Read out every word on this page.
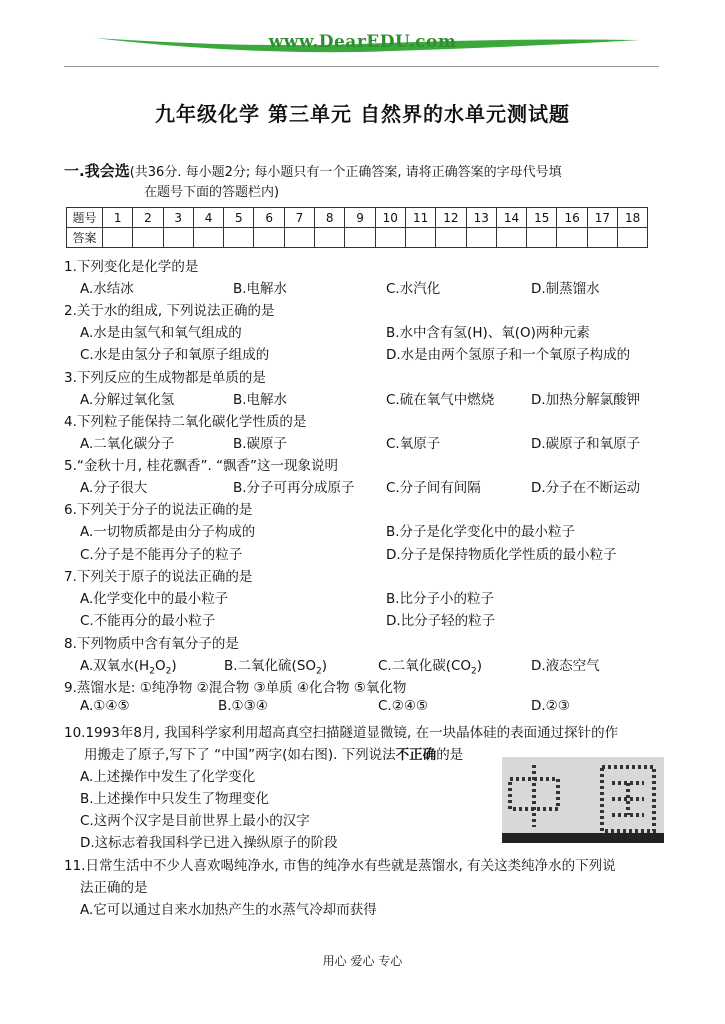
www.DearEDU.com
九年级化学 第三单元 自然界的水单元测试题
一.我会选(共36分. 每小题2分; 每小题只有一个正确答案, 请将正确答案的字母代号填
在题号下面的答题栏内)
题号	1	2	3	4	5	6	7	8	9	10	11	12	13	14	15	16	17	18
答案																		
1.下列变化是化学的是
A.水结冰	B.电解水	C.水汽化	D.制蒸馏水
2.关于水的组成, 下列说法正确的是
A.水是由氢气和氧气组成的	B.水中含有氢(H)、氧(O)两种元素
C.水是由氢分子和氧原子组成的	D.水是由两个氢原子和一个氧原子构成的
3.下列反应的生成物都是单质的是
A.分解过氧化氢	B.电解水	C.硫在氧气中燃烧	D.加热分解氯酸钾
4.下列粒子能保持二氧化碳化学性质的是
A.二氧化碳分子	B.碳原子	C.氧原子	D.碳原子和氧原子
5.“金秋十月, 桂花飘香”. “飘香”这一现象说明
A.分子很大	B.分子可再分成原子 C.分子间有间隔	D.分子在不断运动
6.下列关于分子的说法正确的是
A.一切物质都是由分子构成的	B.分子是化学变化中的最小粒子
C.分子是不能再分子的粒子	D.分子是保持物质化学性质的最小粒子
7.下列关于原子的说法正确的是
A.化学变化中的最小粒子	B.比分子小的粒子
C.不能再分的最小粒子	D.比分子轻的粒子
8.下列物质中含有氧分子的是
A.双氧水$(H_2O_2)$	B.二氧化硫$(SO_2)$	C.二氧化碳$(CO_2)$	D.液态空气
9.蒸馏水是: ①纯净物 ②混合物 ③单质 ④化合物 ⑤氧化物
A.①④⑤	B.①③④	C.②④⑤	D.②③
10.1993年8月, 我国科学家利用超高真空扫描隧道显微镜, 在一块晶体硅的表面通过探针的作
用搬走了原子,写下了 “中国”两字(如右图). 下列说法不正确的是
A.上述操作中发生了化学变化
B.上述操作中只发生了物理变化
C.这两个汉字是目前世界上最小的汉字
D.这标志着我国科学已进入操纵原子的阶段
11.日常生活中不少人喜欢喝纯净水, 市售的纯净水有些就是蒸馏水, 有关这类纯净水的下列说
法正确的是
A.它可以通过自来水加热产生的水蒸气冷却而获得
用心 爱心 专心
